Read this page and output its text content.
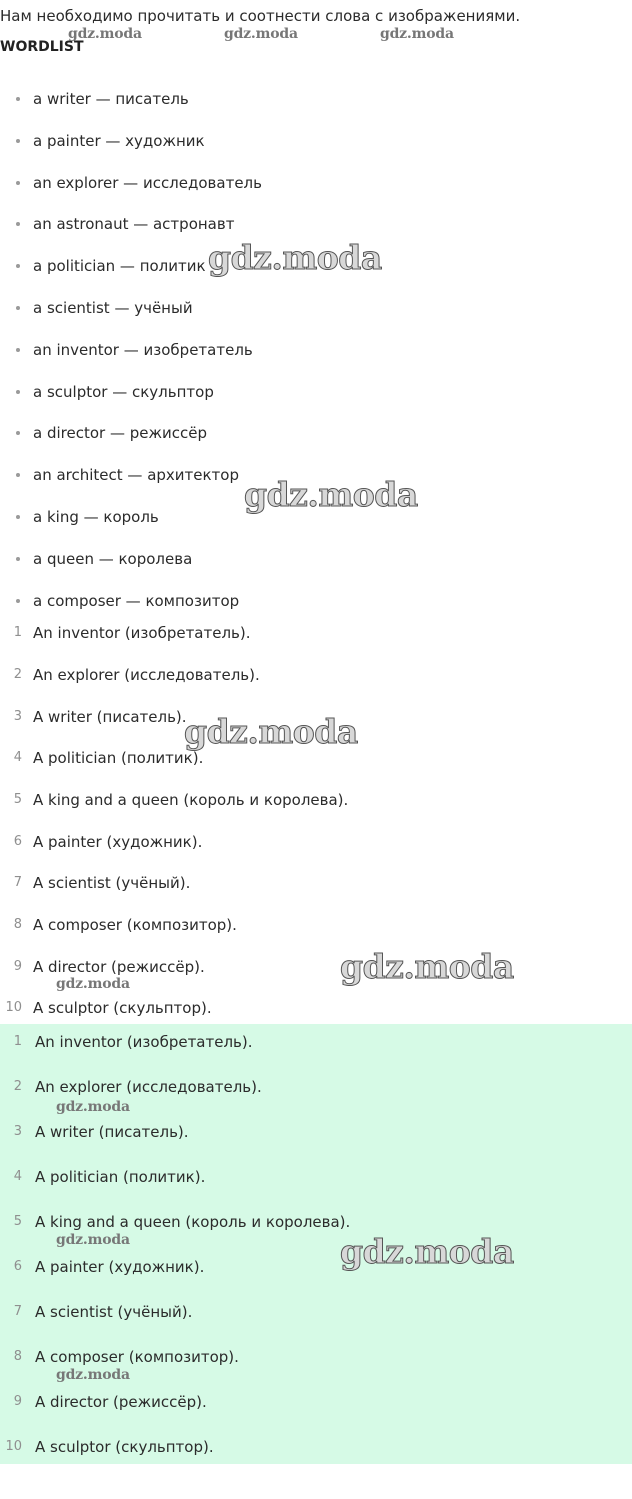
Нам необходимо прочитать и соотнести слова с изображениями.
WORDLIST
a writer — писатель
a painter — художник
an explorer — исследователь
an astronaut — астронавт
a politician — политик
a scientist — учёный
an inventor — изобретатель
a sculptor — скульптор
a director — режиссёр
an architect — архитектор
a king — король
a queen — королева
a composer — композитор
1 An inventor (изобретатель).
2 An explorer (исследователь).
3 A writer (писатель).
4 A politician (политик).
5 A king and a queen (король и королева).
6 A painter (художник).
7 A scientist (учёный).
8 A composer (композитор).
9 A director (режиссёр).
10 A sculptor (скульптор).
1 An inventor (изобретатель).
2 An explorer (исследователь).
3 A writer (писатель).
4 A politician (политик).
5 A king and a queen (король и королева).
6 A painter (художник).
7 A scientist (учёный).
8 A composer (композитор).
9 A director (режиссёр).
10 A sculptor (скульптор).
gdz.moda	gdz.moda	gdz.moda
gdz.moda
gdz.moda
gdz.moda
gdz.moda
gdz.moda
gdz.moda
gdz.moda	gdz.moda
gdz.moda
